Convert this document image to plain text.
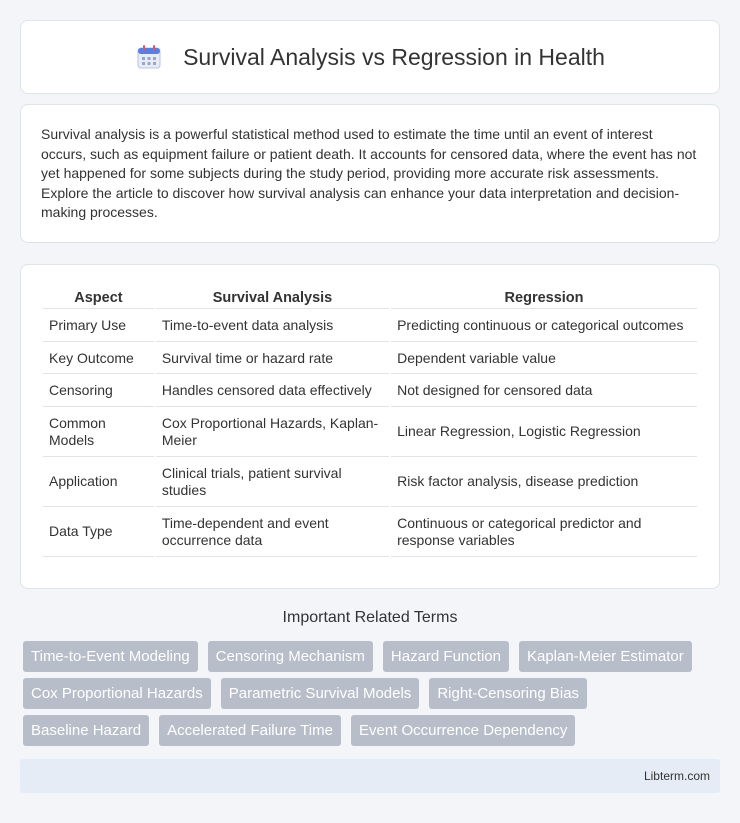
Survival Analysis vs Regression in Health

Survival analysis is a powerful statistical method used to estimate the time until an event of interest occurs, such as equipment failure or patient death. It accounts for censored data, where the event has not yet happened for some subjects during the study period, providing more accurate risk assessments. Explore the article to discover how survival analysis can enhance your data interpretation and decision-making processes.

Aspect	Survival Analysis	Regression
Primary Use	Time-to-event data analysis	Predicting continuous or categorical outcomes
Key Outcome	Survival time or hazard rate	Dependent variable value
Censoring	Handles censored data effectively	Not designed for censored data
Common Models	Cox Proportional Hazards, Kaplan-Meier	Linear Regression, Logistic Regression
Application	Clinical trials, patient survival studies	Risk factor analysis, disease prediction
Data Type	Time-dependent and event occurrence data	Continuous or categorical predictor and response variables
Important Related Terms
Time-to-Event Modeling	Censoring Mechanism	Hazard Function	Kaplan-Meier Estimator
Cox Proportional Hazards	Parametric Survival Models	Right-Censoring Bias
Baseline Hazard	Accelerated Failure Time	Event Occurrence Dependency
Libterm.com
